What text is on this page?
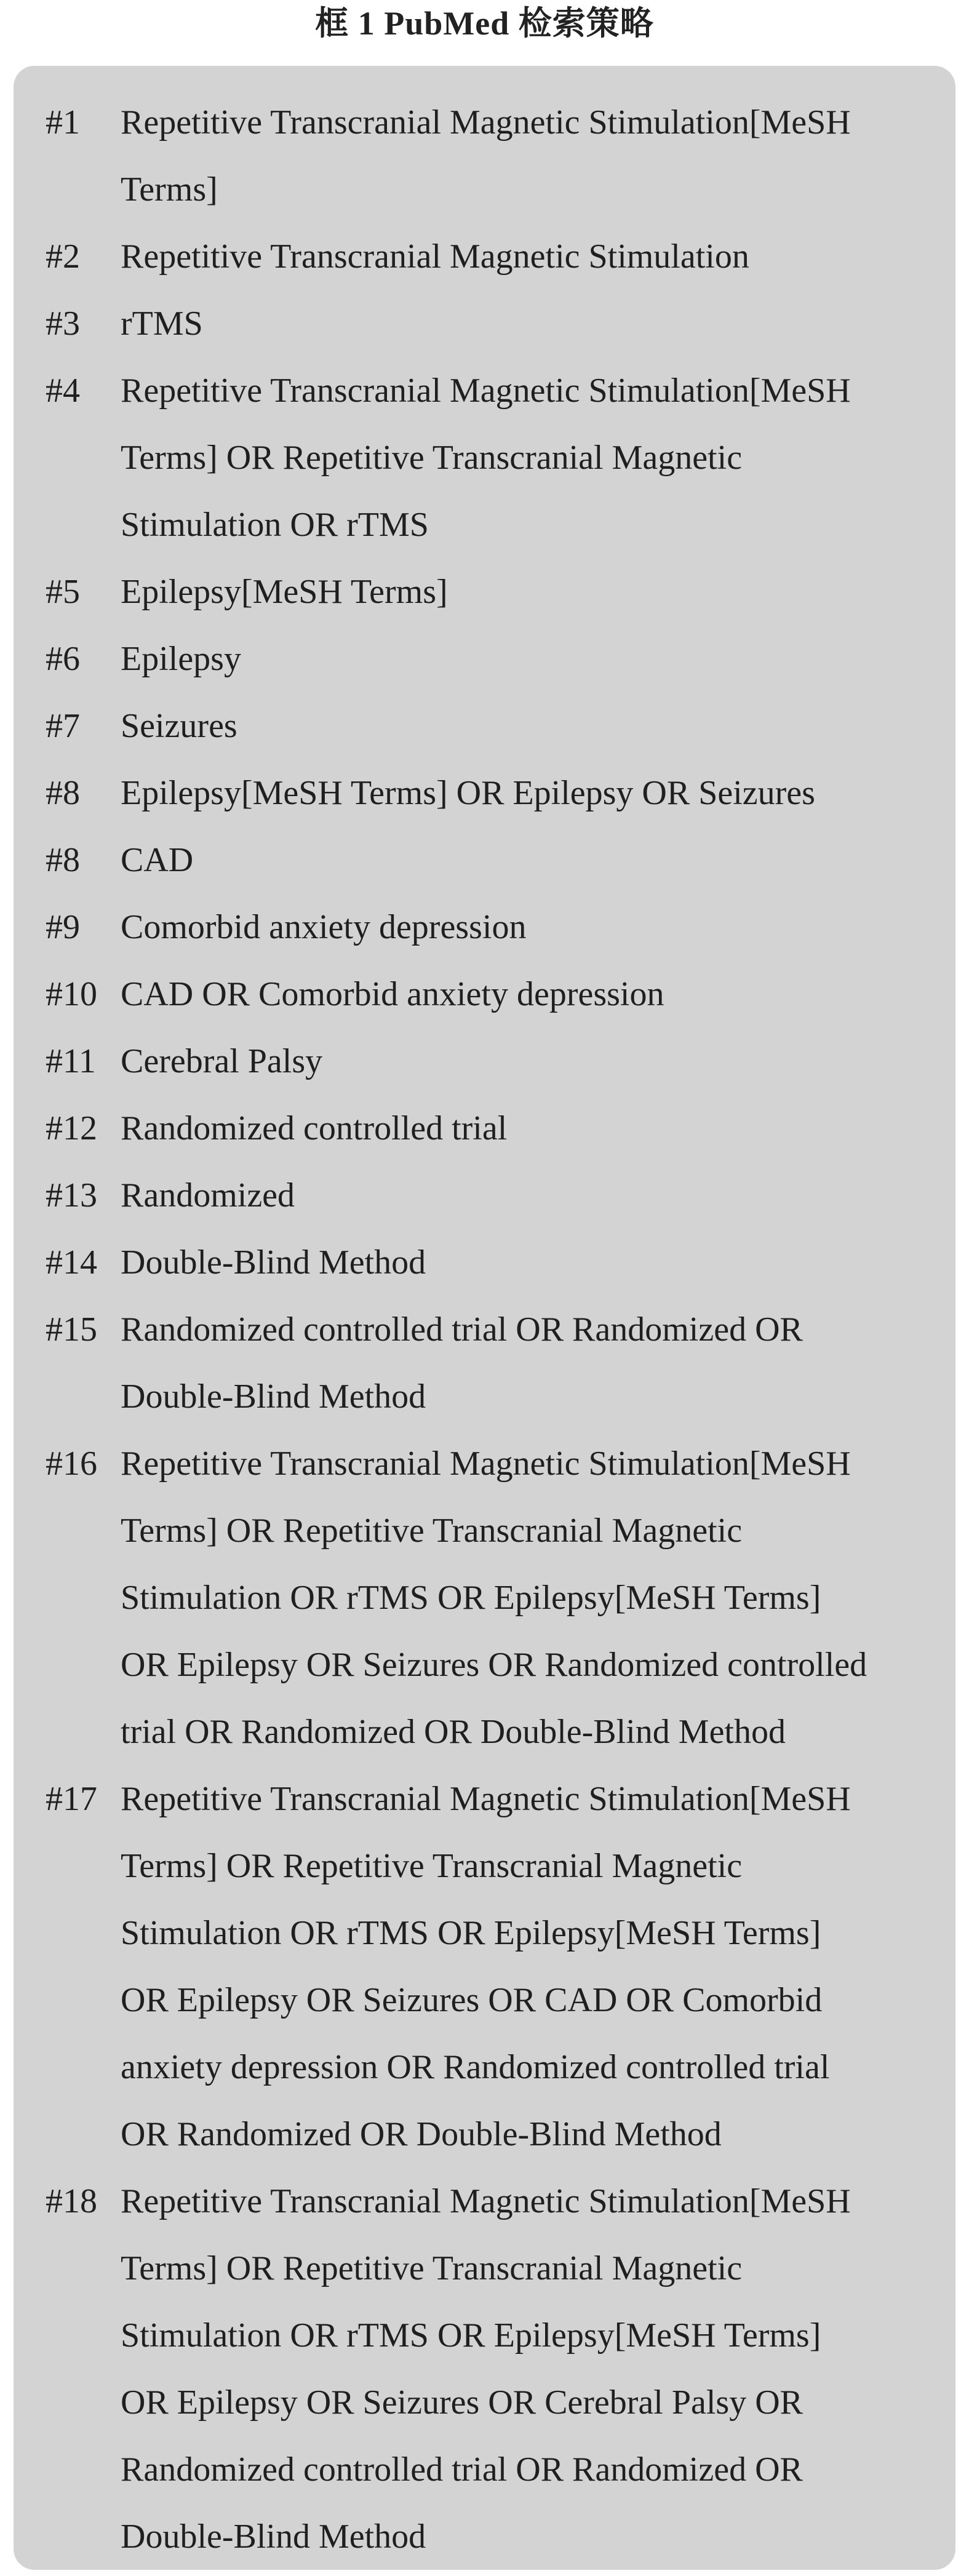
框 1 PubMed 检索策略
#1	Repetitive Transcranial Magnetic Stimulation[MeSH
Terms]
#2	Repetitive Transcranial Magnetic Stimulation
#3	rTMS
#4	Repetitive Transcranial Magnetic Stimulation[MeSH
Terms] OR Repetitive Transcranial Magnetic
Stimulation OR rTMS
#5	Epilepsy[MeSH Terms]
#6	Epilepsy
#7	Seizures
#8	Epilepsy[MeSH Terms] OR Epilepsy OR Seizures
#8	CAD
#9	Comorbid anxiety depression
#10 CAD OR Comorbid anxiety depression
#11 Cerebral Palsy
#12 Randomized controlled trial
#13 Randomized
#14 Double-Blind Method
#15 Randomized controlled trial OR Randomized OR
Double-Blind Method
#16 Repetitive Transcranial Magnetic Stimulation[MeSH
Terms] OR Repetitive Transcranial Magnetic
Stimulation OR rTMS OR Epilepsy[MeSH Terms]
OR Epilepsy OR Seizures OR Randomized controlled
trial OR Randomized OR Double-Blind Method
#17 Repetitive Transcranial Magnetic Stimulation[MeSH
Terms] OR Repetitive Transcranial Magnetic
Stimulation OR rTMS OR Epilepsy[MeSH Terms]
OR Epilepsy OR Seizures OR CAD OR Comorbid
anxiety depression OR Randomized controlled trial
OR Randomized OR Double-Blind Method
#18 Repetitive Transcranial Magnetic Stimulation[MeSH
Terms] OR Repetitive Transcranial Magnetic
Stimulation OR rTMS OR Epilepsy[MeSH Terms]
OR Epilepsy OR Seizures OR Cerebral Palsy OR
Randomized controlled trial OR Randomized OR
Double-Blind Method
